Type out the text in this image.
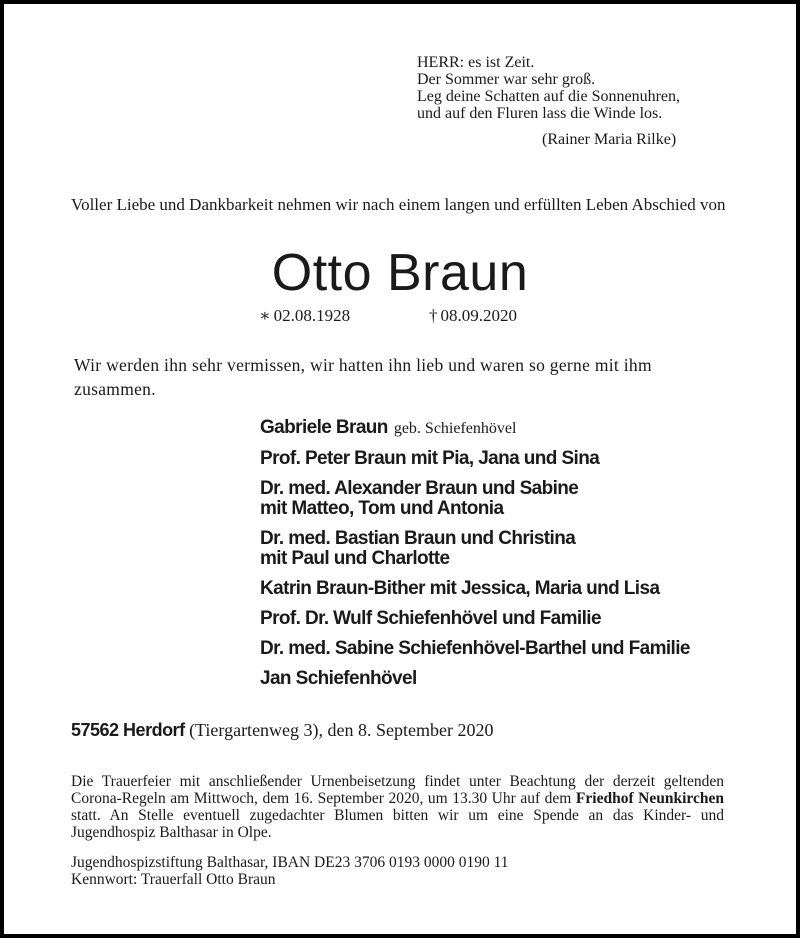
HERR: es ist Zeit.
Der Sommer war sehr groß.
Leg deine Schatten auf die Sonnenuhren,
und auf den Fluren lass die Winde los.
(Rainer Maria Rilke)
Voller Liebe und Dankbarkeit nehmen wir nach einem langen und erfüllten Leben Abschied von
Otto Braun
∗ 02.08.1928	† 08.09.2020
Wir werden ihn sehr vermissen, wir hatten ihn lieb und waren so gerne mit ihm zusammen.
Gabriele Braun geb. Schiefenhövel
Prof. Peter Braun mit Pia, Jana und Sina
Dr. med. Alexander Braun und Sabine
mit Matteo, Tom und Antonia
Dr. med. Bastian Braun und Christina
mit Paul und Charlotte
Katrin Braun-Bither mit Jessica, Maria und Lisa
Prof. Dr. Wulf Schiefenhövel und Familie
Dr. med. Sabine Schiefenhövel-Barthel und Familie
Jan Schiefenhövel
57562 Herdorf (Tiergartenweg 3), den 8. September 2020
Die Trauerfeier mit anschließender Urnenbeisetzung findet unter Beachtung der derzeit geltenden Corona-Regeln am Mittwoch, dem 16. September 2020, um 13.30 Uhr auf dem Friedhof Neunkirchen statt. An Stelle eventuell zugedachter Blumen bitten wir um eine Spende an das Kinder- und Jugendhospiz Balthasar in Olpe.
Jugendhospizstiftung Balthasar, IBAN DE23 3706 0193 0000 0190 11
Kennwort: Trauerfall Otto Braun
